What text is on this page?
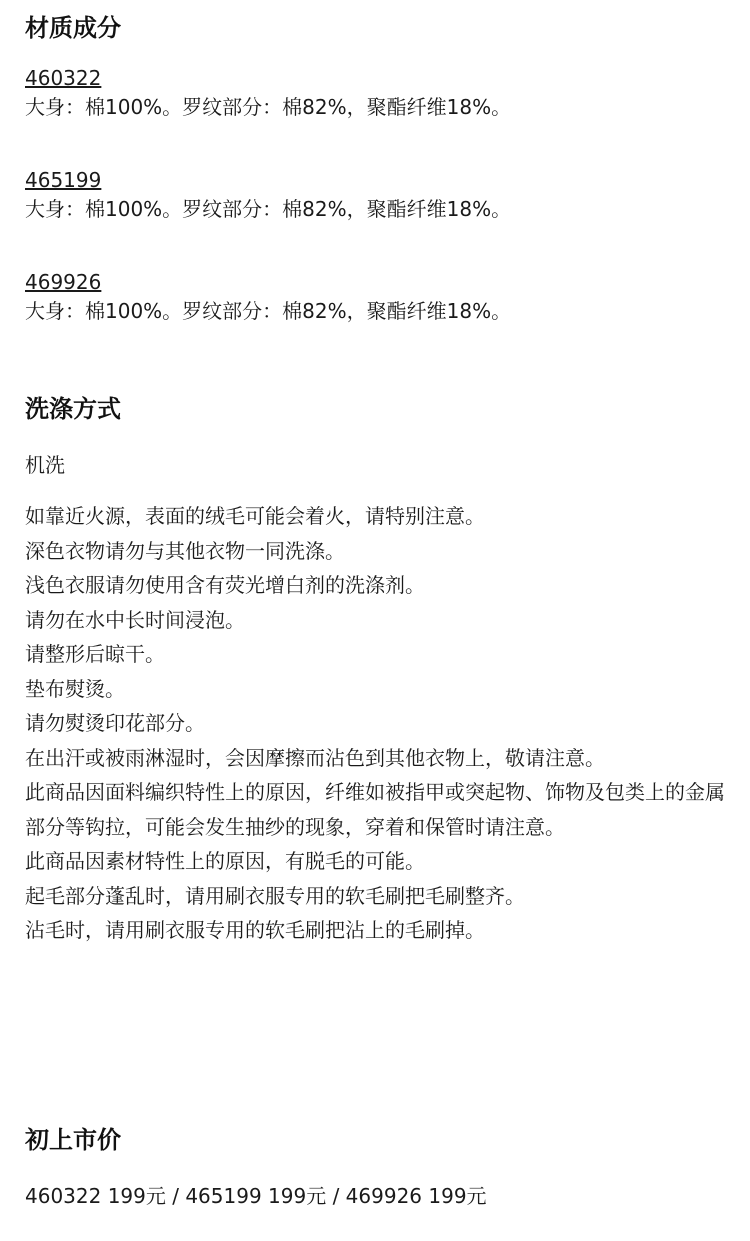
材质成分
460322
大身：棉100%。罗纹部分：棉82%，聚酯纤维18%。
465199
大身：棉100%。罗纹部分：棉82%，聚酯纤维18%。
469926
大身：棉100%。罗纹部分：棉82%，聚酯纤维18%。
洗涤方式
机洗
如靠近火源，表面的绒毛可能会着火，请特别注意。
深色衣物请勿与其他衣物一同洗涤。
浅色衣服请勿使用含有荧光增白剂的洗涤剂。
请勿在水中长时间浸泡。
请整形后晾干。
垫布熨烫。
请勿熨烫印花部分。
在出汗或被雨淋湿时，会因摩擦而沾色到其他衣物上，敬请注意。
此商品因面料编织特性上的原因，纤维如被指甲或突起物、饰物及包类上的金属部分等钩拉，可能会发生抽纱的现象，穿着和保管时请注意。
此商品因素材特性上的原因，有脱毛的可能。
起毛部分蓬乱时，请用刷衣服专用的软毛刷把毛刷整齐。
沾毛时，请用刷衣服专用的软毛刷把沾上的毛刷掉。
初上市价
460322 199元 / 465199 199元 / 469926 199元
